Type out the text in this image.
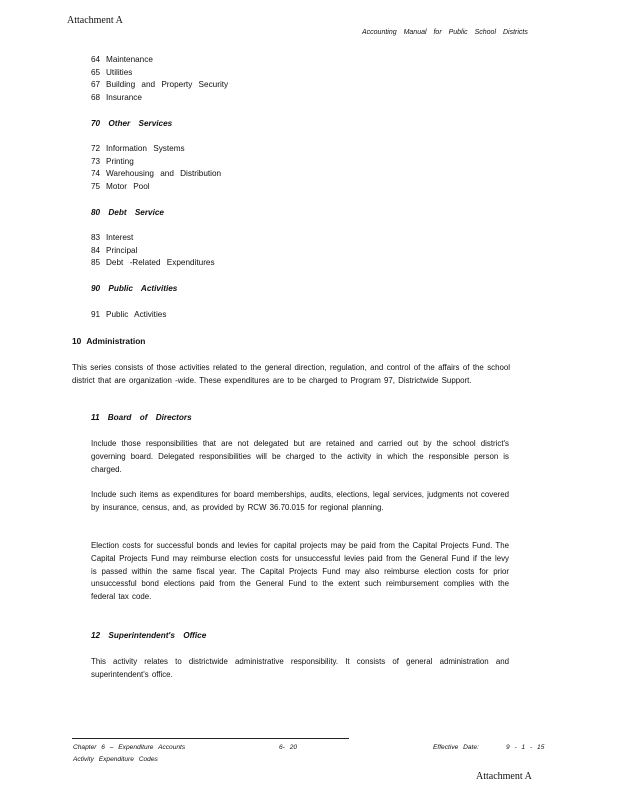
Attachment A
Accounting Manual for Public School Districts
64 Maintenance
65 Utilities
67 Building and Property Security
68 Insurance
70 Other Services
72 Information Systems
73 Printing
74 Warehousing and Distribution
75 Motor Pool
80 Debt Service
83 Interest
84 Principal
85 Debt -Related Expenditures
90 Public Activities
91 Public Activities
10 Administration
This series consists of those activities related to the general direction, regulation, and control of the affairs of the school district that are organization -wide. These expenditures are to be charged to Program 97, Districtwide Support.
11 Board of Directors
Include those responsibilities that are not delegated but are retained and carried out by the school district's governing board. Delegated responsibilities will be charged to the activity in which the responsible person is charged.
Include such items as expenditures for board memberships, audits, elections, legal services, judgments not covered by insurance, census, and, as provided by RCW 36.70.015 for regional planning.
Election costs for successful bonds and levies for capital projects may be paid from the Capital Projects Fund. The Capital Projects Fund may reimburse election costs for unsuccessful levies paid from the General Fund if the levy is passed within the same fiscal year. The Capital Projects Fund may also reimburse election costs for prior unsuccessful bond elections paid from the General Fund to the extent such reimbursement complies with the federal tax code.
12 Superintendent's Office
This activity relates to districtwide administrative responsibility. It consists of general administration and superintendent's office.
Chapter 6 – Expenditure Accounts
Activity Expenditure Codes
6- 20	Effective Date:	9 - 1 - 15
Attachment A
